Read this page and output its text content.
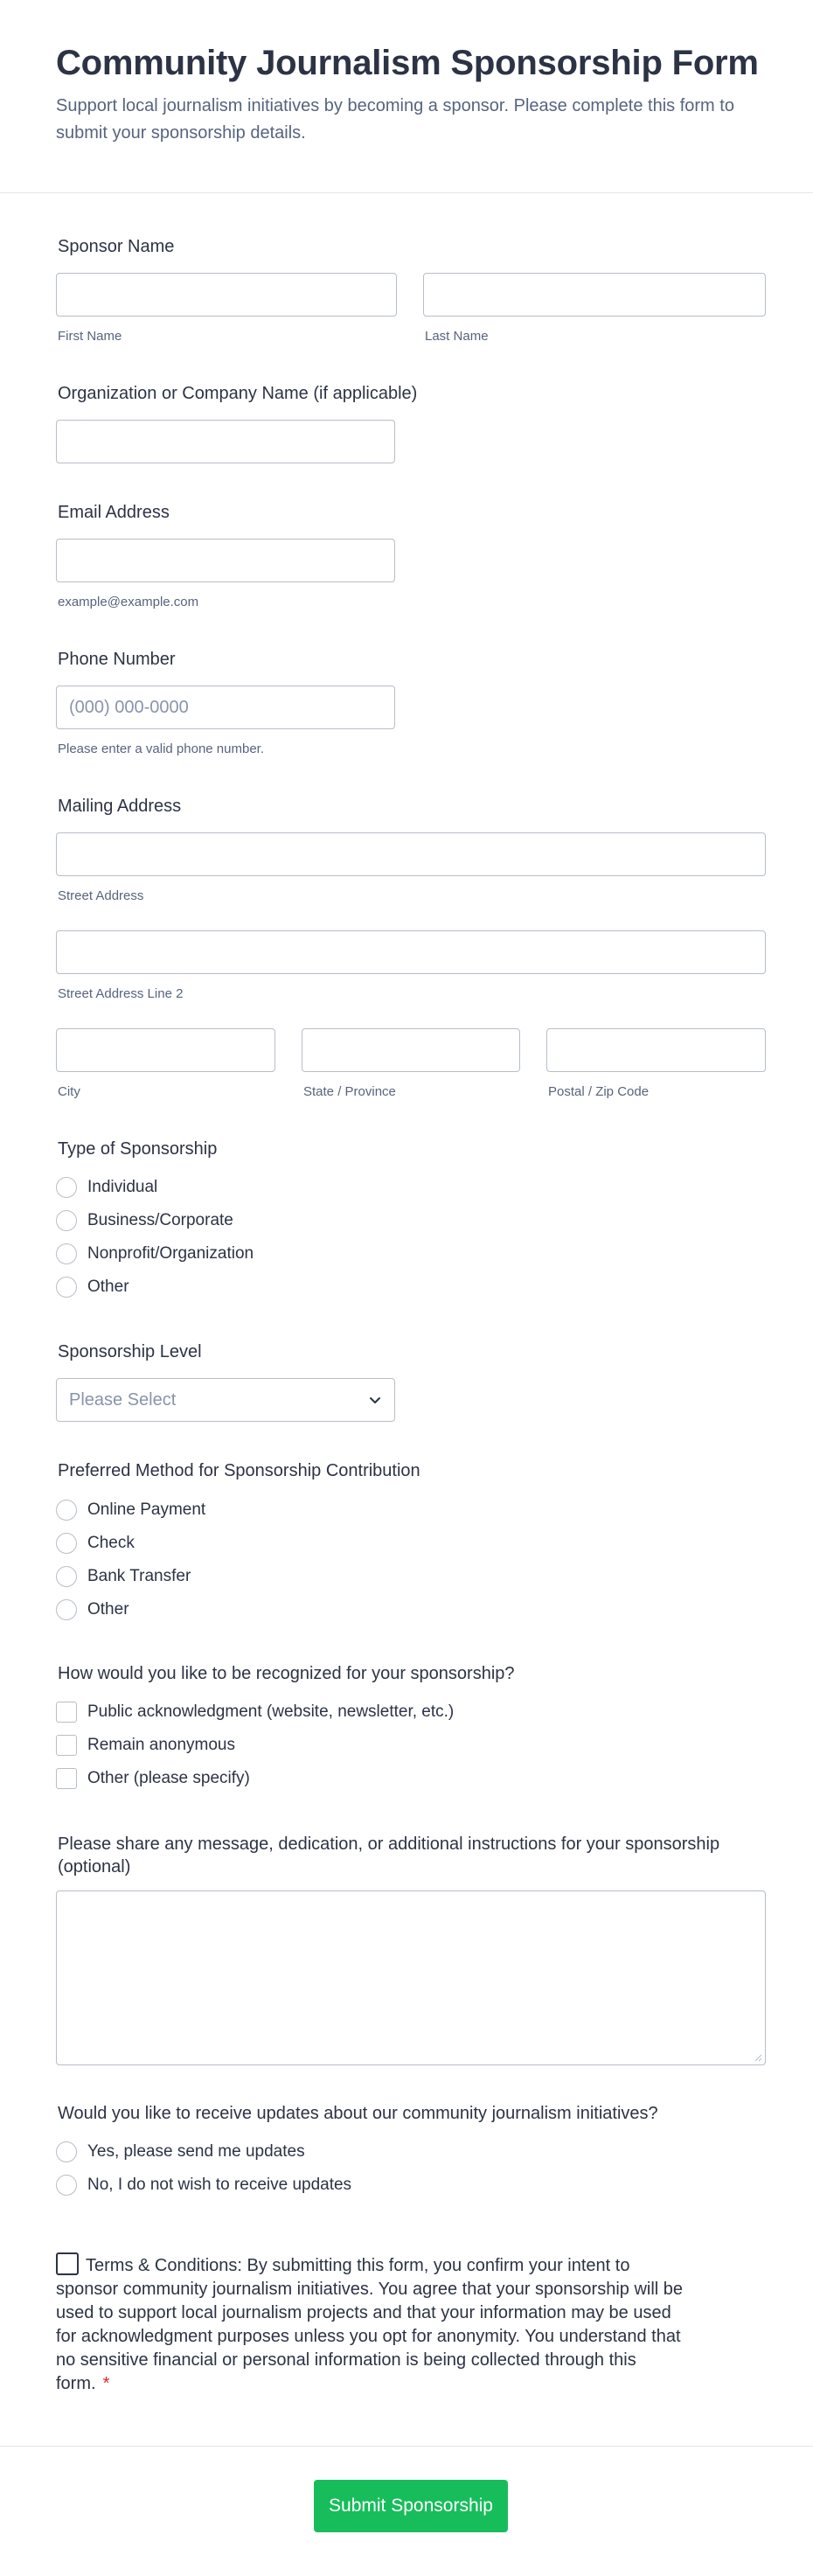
Community Journalism Sponsorship Form
Support local journalism initiatives by becoming a sponsor. Please complete this form to submit your sponsorship details.
Sponsor Name
First Name	Last Name
Organization or Company Name (if applicable)
Email Address
example@example.com
Phone Number
(000) 000-0000
Please enter a valid phone number.
Mailing Address
Street Address
Street Address Line 2
City	State / Province	Postal / Zip Code
Type of Sponsorship
Individual
Business/Corporate
Nonprofit/Organization
Other
Sponsorship Level
Please Select
Preferred Method for Sponsorship Contribution
Online Payment
Check
Bank Transfer
Other
How would you like to be recognized for your sponsorship?
Public acknowledgment (website, newsletter, etc.)
Remain anonymous
Other (please specify)
Please share any message, dedication, or additional instructions for your sponsorship (optional)
Would you like to receive updates about our community journalism initiatives?
Yes, please send me updates
No, I do not wish to receive updates
Terms & Conditions: By submitting this form, you confirm your intent to sponsor community journalism initiatives. You agree that your sponsorship will be used to support local journalism projects and that your information may be used for acknowledgment purposes unless you opt for anonymity. You understand that no sensitive financial or personal information is being collected through this form. *
Submit Sponsorship
